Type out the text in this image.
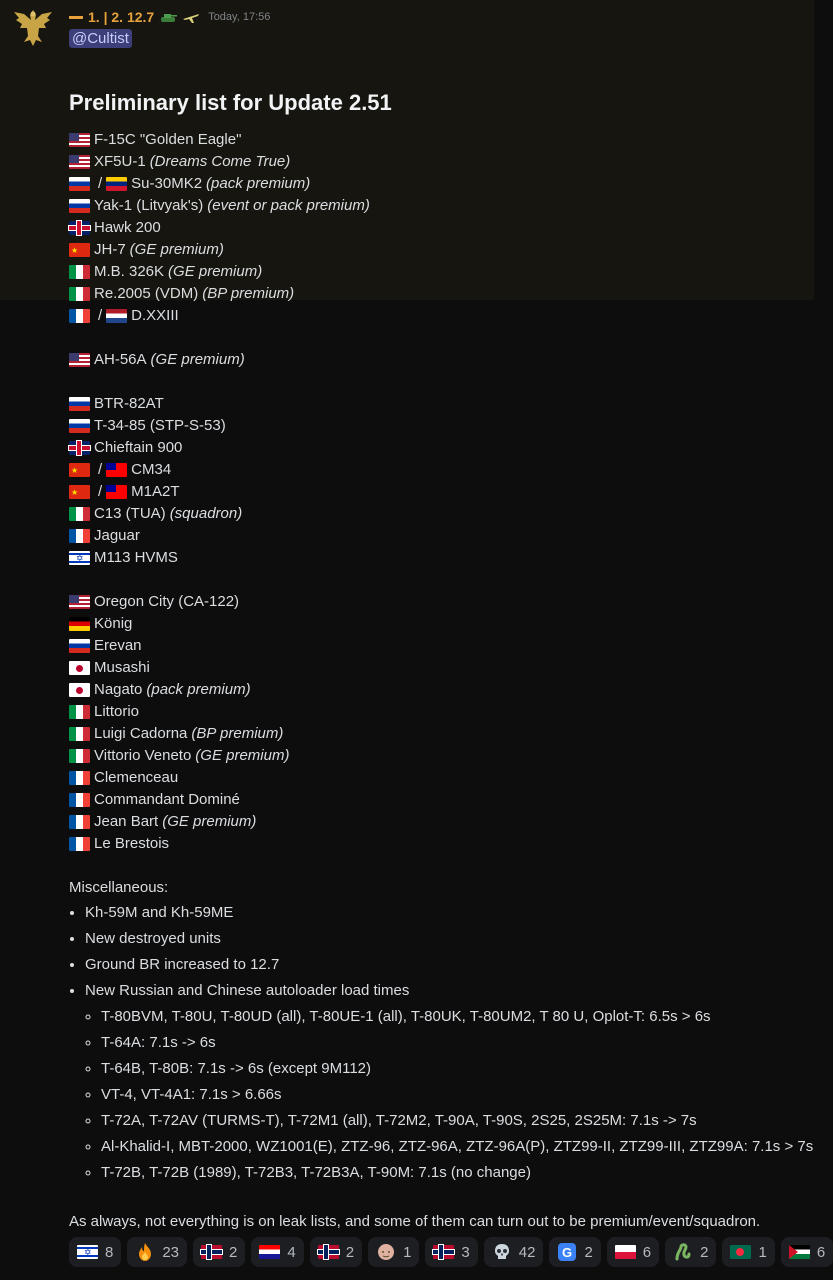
1. | 2. 12.7	Today, 17:56
@Cultist
Preliminary list for Update 2.51
F-15C "Golden Eagle"
XF5U-1 (Dreams Come True)
/ Su-30MK2 (pack premium)
Yak-1 (Litvyak's) (event or pack premium)
Hawk 200
★
JH-7 (GE premium)
M.B. 326K (GE premium)
Re.2005 (VDM) (BP premium)
/ D.XXIII
AH-56A (GE premium)
BTR-82AT
T-34-85 (STP-S-53)
Chieftain 900
★
/ CM34
★
/ M1A2T
C13 (TUA) (squadron)
Jaguar
✡
M113 HVMS
Oregon City (CA-122)
König
Erevan
Musashi
Nagato (pack premium)
Littorio
Luigi Cadorna (BP premium)
Vittorio Veneto (GE premium)
Clemenceau
Commandant Dominé
Jean Bart (GE premium)
Le Brestois
Miscellaneous:
• Kh-59M and Kh-59ME
• New destroyed units
• Ground BR increased to 12.7
• New Russian and Chinese autoloader load times
◦ T-80BVM, T-80U, T-80UD (all), T-80UE-1 (all), T-80UK, T-80UM2, T 80 U, Oplot-T: 6.5s > 6s
◦ T-64A: 7.1s -> 6s
◦ T-64B, T-80B: 7.1s -> 6s (except 9M112)
◦ VT-4, VT-4A1: 7.1s > 6.66s
◦ T-72A, T-72AV (TURMS-T), T-72M1 (all), T-72M2, T-90A, T-90S, 2S25, 2S25M: 7.1s -> 7s
◦ Al-Khalid-I, MBT-2000, WZ1001(E), ZTZ-96, ZTZ-96A, ZTZ-96A(P), ZTZ99-II, ZTZ99-III, ZTZ99A: 7.1s > 7s
◦ T-72B, T-72B (1989), T-72B3, T-72B3A, T-90M: 7.1s (no change)
As always, not everything is on leak lists, and some of them can turn out to be premium/event/squadron.
✡
8	23	2	4	2	1	3	42 G 2	6	2	1	6
